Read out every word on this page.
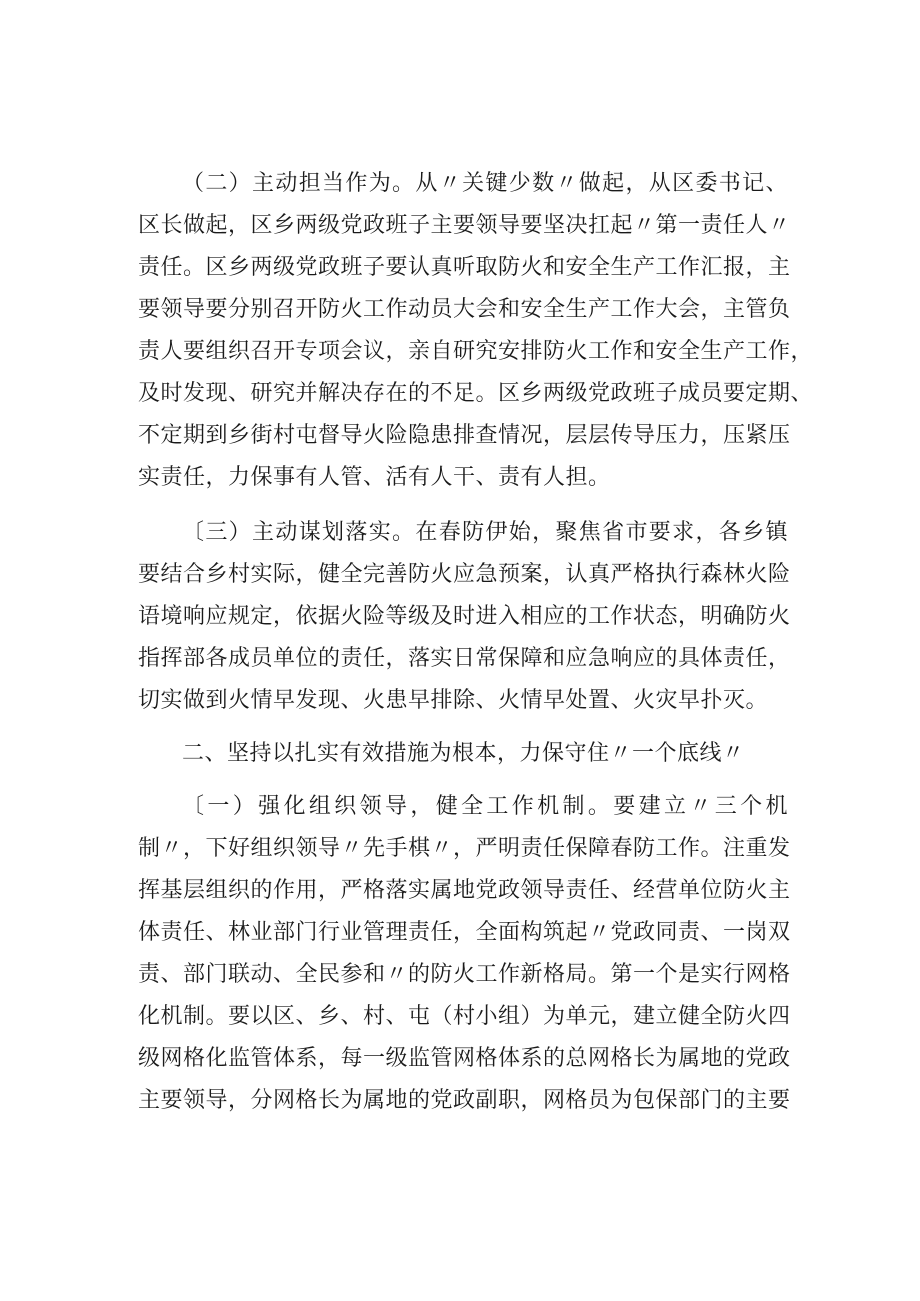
（二）主动担当作为。从〃关键少数〃做起，从区委书记、
区长做起，区乡两级党政班子主要领导要坚决扛起〃第一责任人〃
责任。区乡两级党政班子要认真听取防火和安全生产工作汇报，主
要领导要分别召开防火工作动员大会和安全生产工作大会，主管负
责人要组织召开专项会议，亲自研究安排防火工作和安全生产工作，
及时发现、研究并解决存在的不足。区乡两级党政班子成员要定期、
不定期到乡街村屯督导火险隐患排查情况，层层传导压力，压紧压
实责任，力保事有人管、活有人干、责有人担。
〔三）主动谋划落实。在春防伊始，聚焦省市要求，各乡镇
要结合乡村实际，健全完善防火应急预案，认真严格执行森林火险
语境响应规定，依据火险等级及时进入相应的工作状态，明确防火
指挥部各成员单位的责任，落实日常保障和应急响应的具体责任，
切实做到火情早发现、火患早排除、火情早处置、火灾早扑灭。
二、坚持以扎实有效措施为根本，力保守住〃一个底线〃
〔一）强化组织领导，健全工作机制。要建立〃三个机
制〃，下好组织领导〃先手棋〃，严明责任保障春防工作。注重发
挥基层组织的作用，严格落实属地党政领导责任、经营单位防火主
体责任、林业部门行业管理责任，全面构筑起〃党政同责、一岗双
责、部门联动、全民参和〃的防火工作新格局。第一个是实行网格
化机制。要以区、乡、村、屯（村小组）为单元，建立健全防火四
级网格化监管体系，每一级监管网格体系的总网格长为属地的党政
主要领导，分网格长为属地的党政副职，网格员为包保部门的主要
